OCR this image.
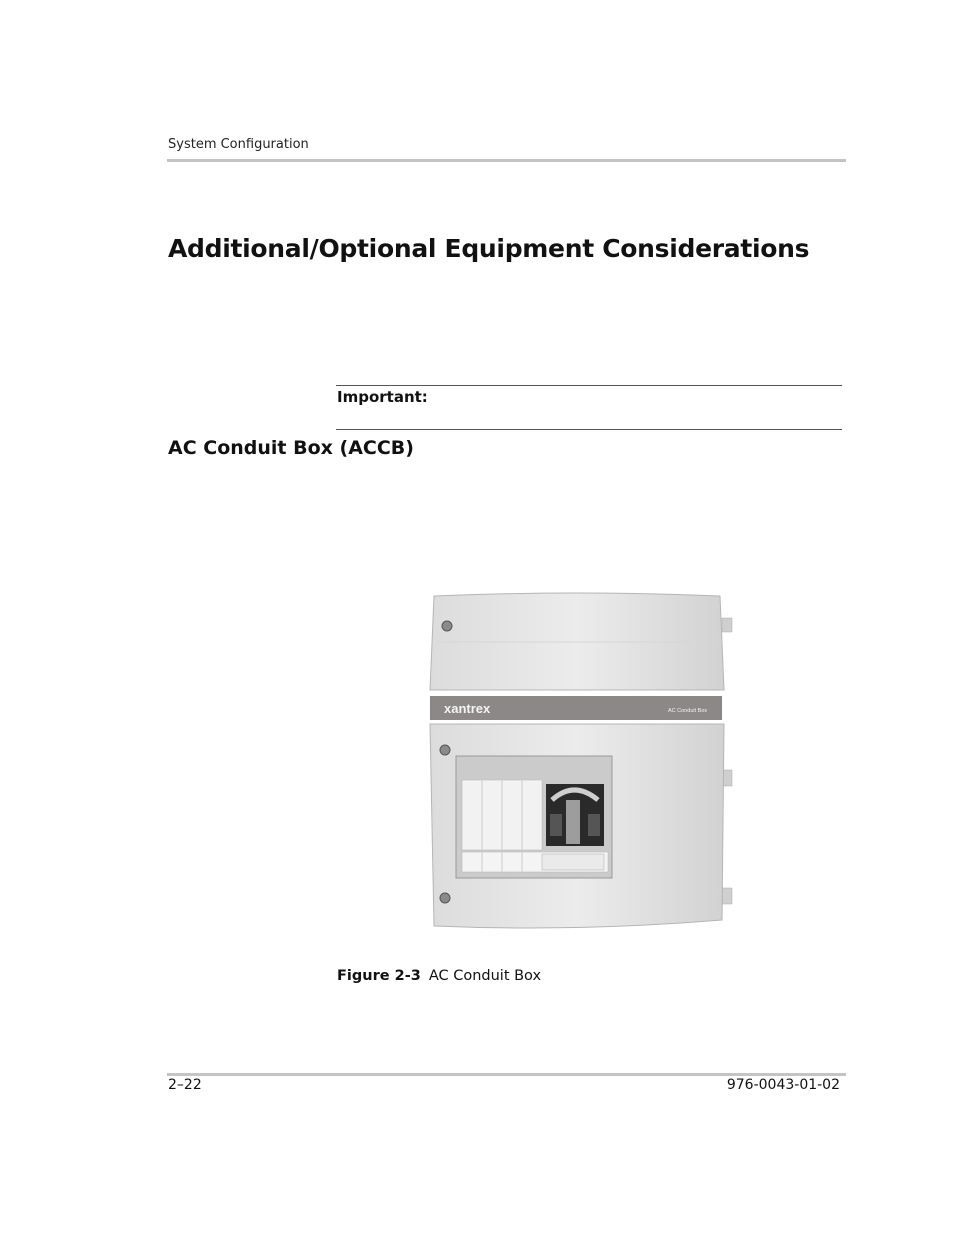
System Configuration
Additional/Optional Equipment Considerations
Important:
AC Conduit Box (ACCB)
xantrex	AC Conduit Box
Figure 2-3 AC Conduit Box
2–22	976-0043-01-02
